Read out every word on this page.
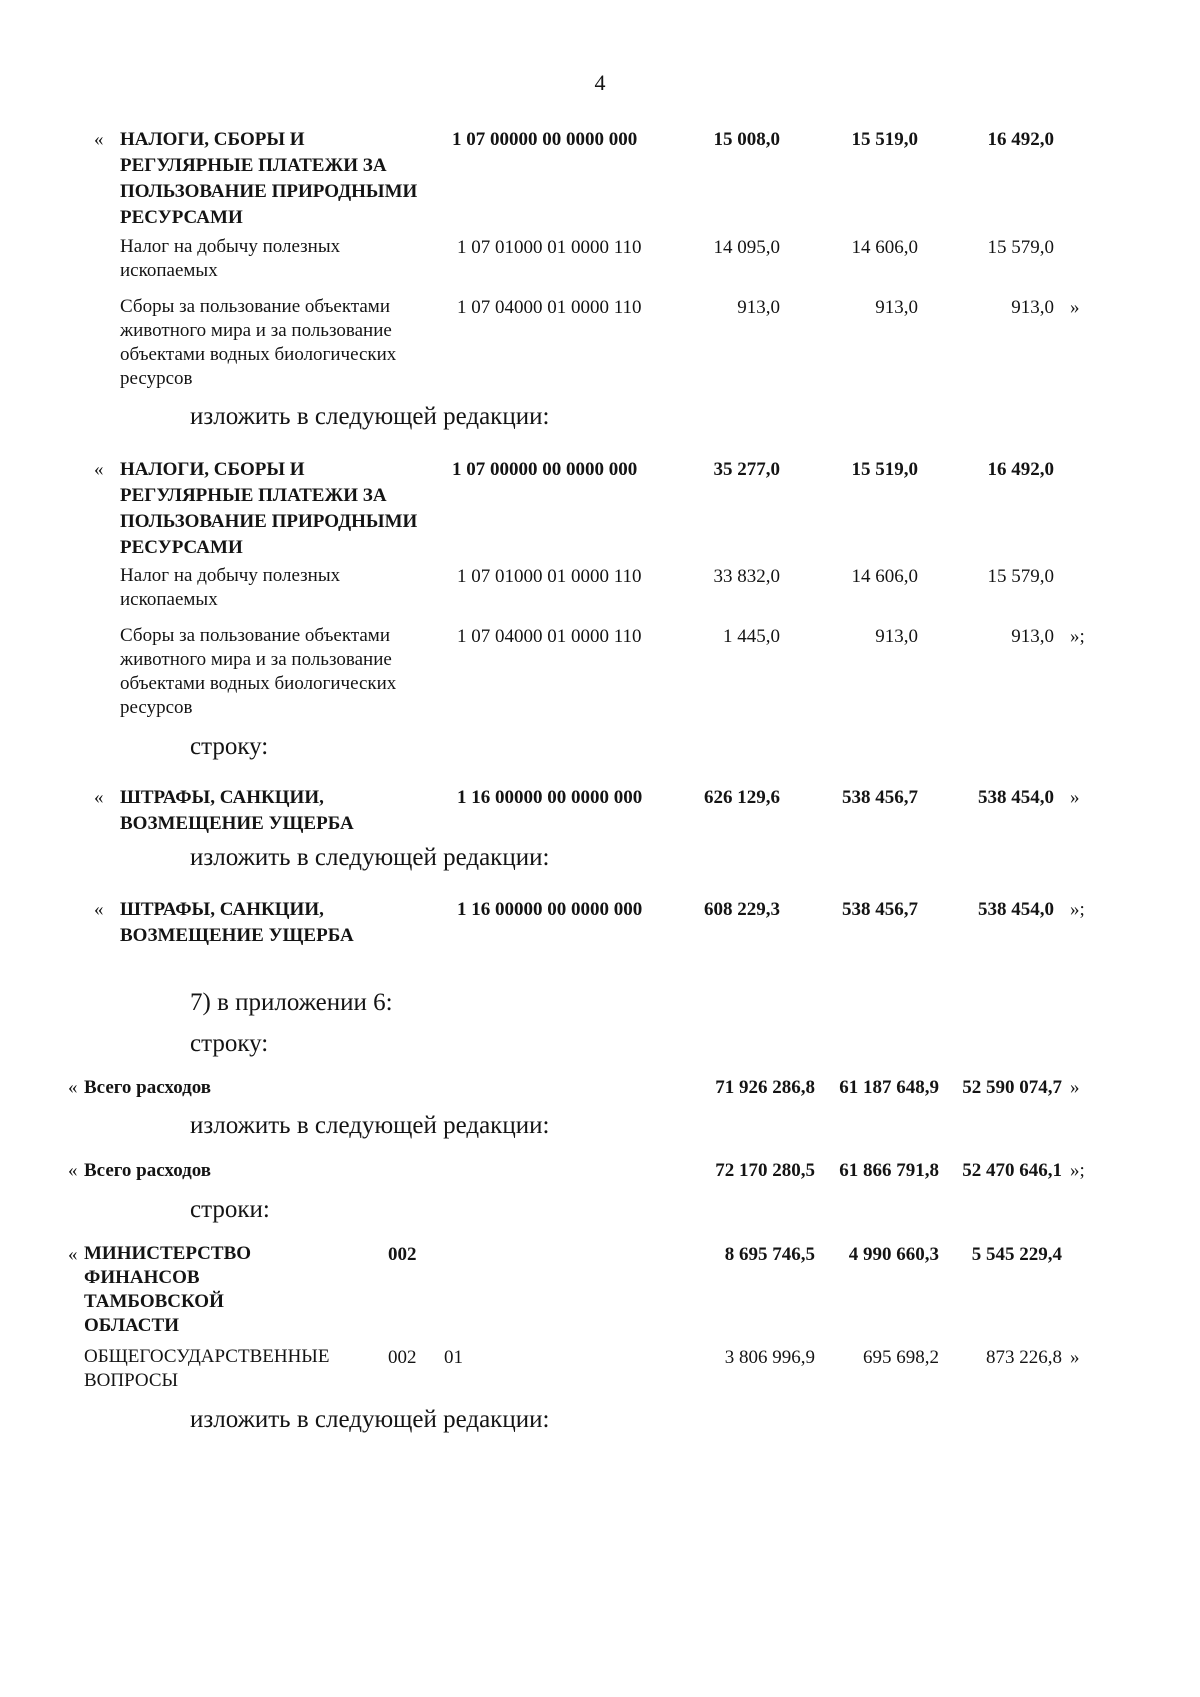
4
« НАЛОГИ, СБОРЫ И РЕГУЛЯРНЫЕ ПЛАТЕЖИ ЗА ПОЛЬЗОВАНИЕ ПРИРОДНЫМИ РЕСУРСАМИ
1 07 00000 00 0000 000	15 008,0	15 519,0	16 492,0
Налог на добычу полезных ископаемых
1 07 01000 01 0000 110	14 095,0	14 606,0	15 579,0
Сборы за пользование объектами животного мира и за пользование объектами водных биологических ресурсов
1 07 04000 01 0000 110	913,0	913,0	913,0 »
изложить в следующей редакции:
« НАЛОГИ, СБОРЫ И РЕГУЛЯРНЫЕ ПЛАТЕЖИ ЗА ПОЛЬЗОВАНИЕ ПРИРОДНЫМИ РЕСУРСАМИ
1 07 00000 00 0000 000	35 277,0	15 519,0	16 492,0
Налог на добычу полезных ископаемых
1 07 01000 01 0000 110	33 832,0	14 606,0	15 579,0
Сборы за пользование объектами животного мира и за пользование объектами водных биологических ресурсов
1 07 04000 01 0000 110	1 445,0	913,0	913,0 »;
строку:
« ШТРАФЫ, САНКЦИИ, ВОЗМЕЩЕНИЕ УЩЕРБА
1 16 00000 00 0000 000	626 129,6	538 456,7	538 454,0 »
изложить в следующей редакции:
« ШТРАФЫ, САНКЦИИ, ВОЗМЕЩЕНИЕ УЩЕРБА
1 16 00000 00 0000 000	608 229,3	538 456,7	538 454,0 »;
7) в приложении 6:
строку:
« Всего расходов	71 926 286,8	61 187 648,9	52 590 074,7 »
изложить в следующей редакции:
« Всего расходов	72 170 280,5	61 866 791,8	52 470 646,1 »;
строки:
« МИНИСТЕРСТВО ФИНАНСОВ ТАМБОВСКОЙ ОБЛАСТИ
002	8 695 746,5	4 990 660,3	5 545 229,4
ОБЩЕГОСУДАРСТВЕННЫЕ ВОПРОСЫ
002 01	3 806 996,9	695 698,2	873 226,8 »
изложить в следующей редакции:
